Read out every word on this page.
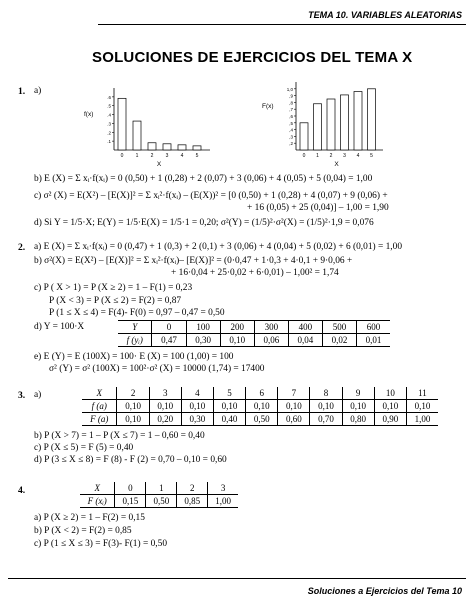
TEMA 10. VARIABLES ALEATORIAS
SOLUCIONES DE EJERCICIOS DEL TEMA X
1. a)
.1
.2
.3
.4
.5
.6
0 1 2 3 4 5
f(x)
X
,2
,3
,4
,5
,6
,7
,8
,9
1,0
0 1 2 3 4 5
F(x)
X
b) E (X) = Σ xᵢ·f(xᵢ) = 0 (0,50) + 1 (0,28) + 2 (0,07) + 3 (0,06) + 4 (0,05) + 5 (0,04) = 1,00
c) σ² (X) = E(X²) – [E(X)]² = Σ xᵢ²·f(xᵢ) – (E(X))² = [0 (0,50) + 1 (0,28) + 4 (0,07) + 9 (0,06) +
+ 16 (0,05) + 25 (0,04)] – 1,00 = 1,90
d) Si Y = 1/5·X; E(Y) = 1/5·E(X) = 1/5·1 = 0,20; σ²(Y) = (1/5)²·σ²(X) = (1/5)²·1,9 = 0,076
2. a) E (X) = Σ xᵢ·f(xᵢ) = 0 (0,47) + 1 (0,3) + 2 (0,1) + 3 (0,06) + 4 (0,04) + 5 (0,02) + 6 (0,01) = 1,00
b) σ²(X) = E(X²) – [E(X)]² = Σ xᵢ²·f(xᵢ)– [E(X)]² = (0·0,47 + 1·0,3 + 4·0,1 + 9·0,06 +
+ 16·0,04 + 25·0,02 + 6·0,01) – 1,00² = 1,74
c) P ( X > 1) = P (X ≥ 2) = 1 – F(1) = 0,23
P (X < 3) = P (X ≤ 2) = F(2) = 0,87
P (1 ≤ X ≤ 4) = F(4)- F(0) = 0,97 – 0,47 = 0,50
d) Y = 100·X	Y	0	100	200	300	400	500	600
f (yᵢ)	0,47	0,30	0,10	0,06	0,04	0,02	0,01
e) E (Y) = E (100X) = 100· E (X) = 100 (1,00) = 100
σ² (Y) = σ² (100X) = 100²·σ² (X) = 10000 (1,74) = 17400
3. a)	X	2	3	4	5	6	7	8	9	10	11
f (a)	0,10	0,10	0,10	0,10	0,10	0,10	0,10	0,10	0,10	0,10
F (a)	0,10	0,20	0,30	0,40	0,50	0,60	0,70	0,80	0,90	1,00
b) P (X > 7) = 1 – P (X ≤ 7) = 1 – 0,60 = 0,40
c) P (X ≤ 5) = F (5) = 0,40
d) P (3 ≤ X ≤ 8) = F (8) - F (2) = 0,70 – 0,10 = 0,60
4.	X	0	1	2	3
F (xᵢ)	0,15	0,50	0,85	1,00
a) P (X ≥ 2) = 1 – F(2) = 0,15
b) P (X < 2) = F(2) = 0,85
c) P (1 ≤ X ≤ 3) = F(3)- F(1) = 0,50
Soluciones a Ejercicios del Tema 10
